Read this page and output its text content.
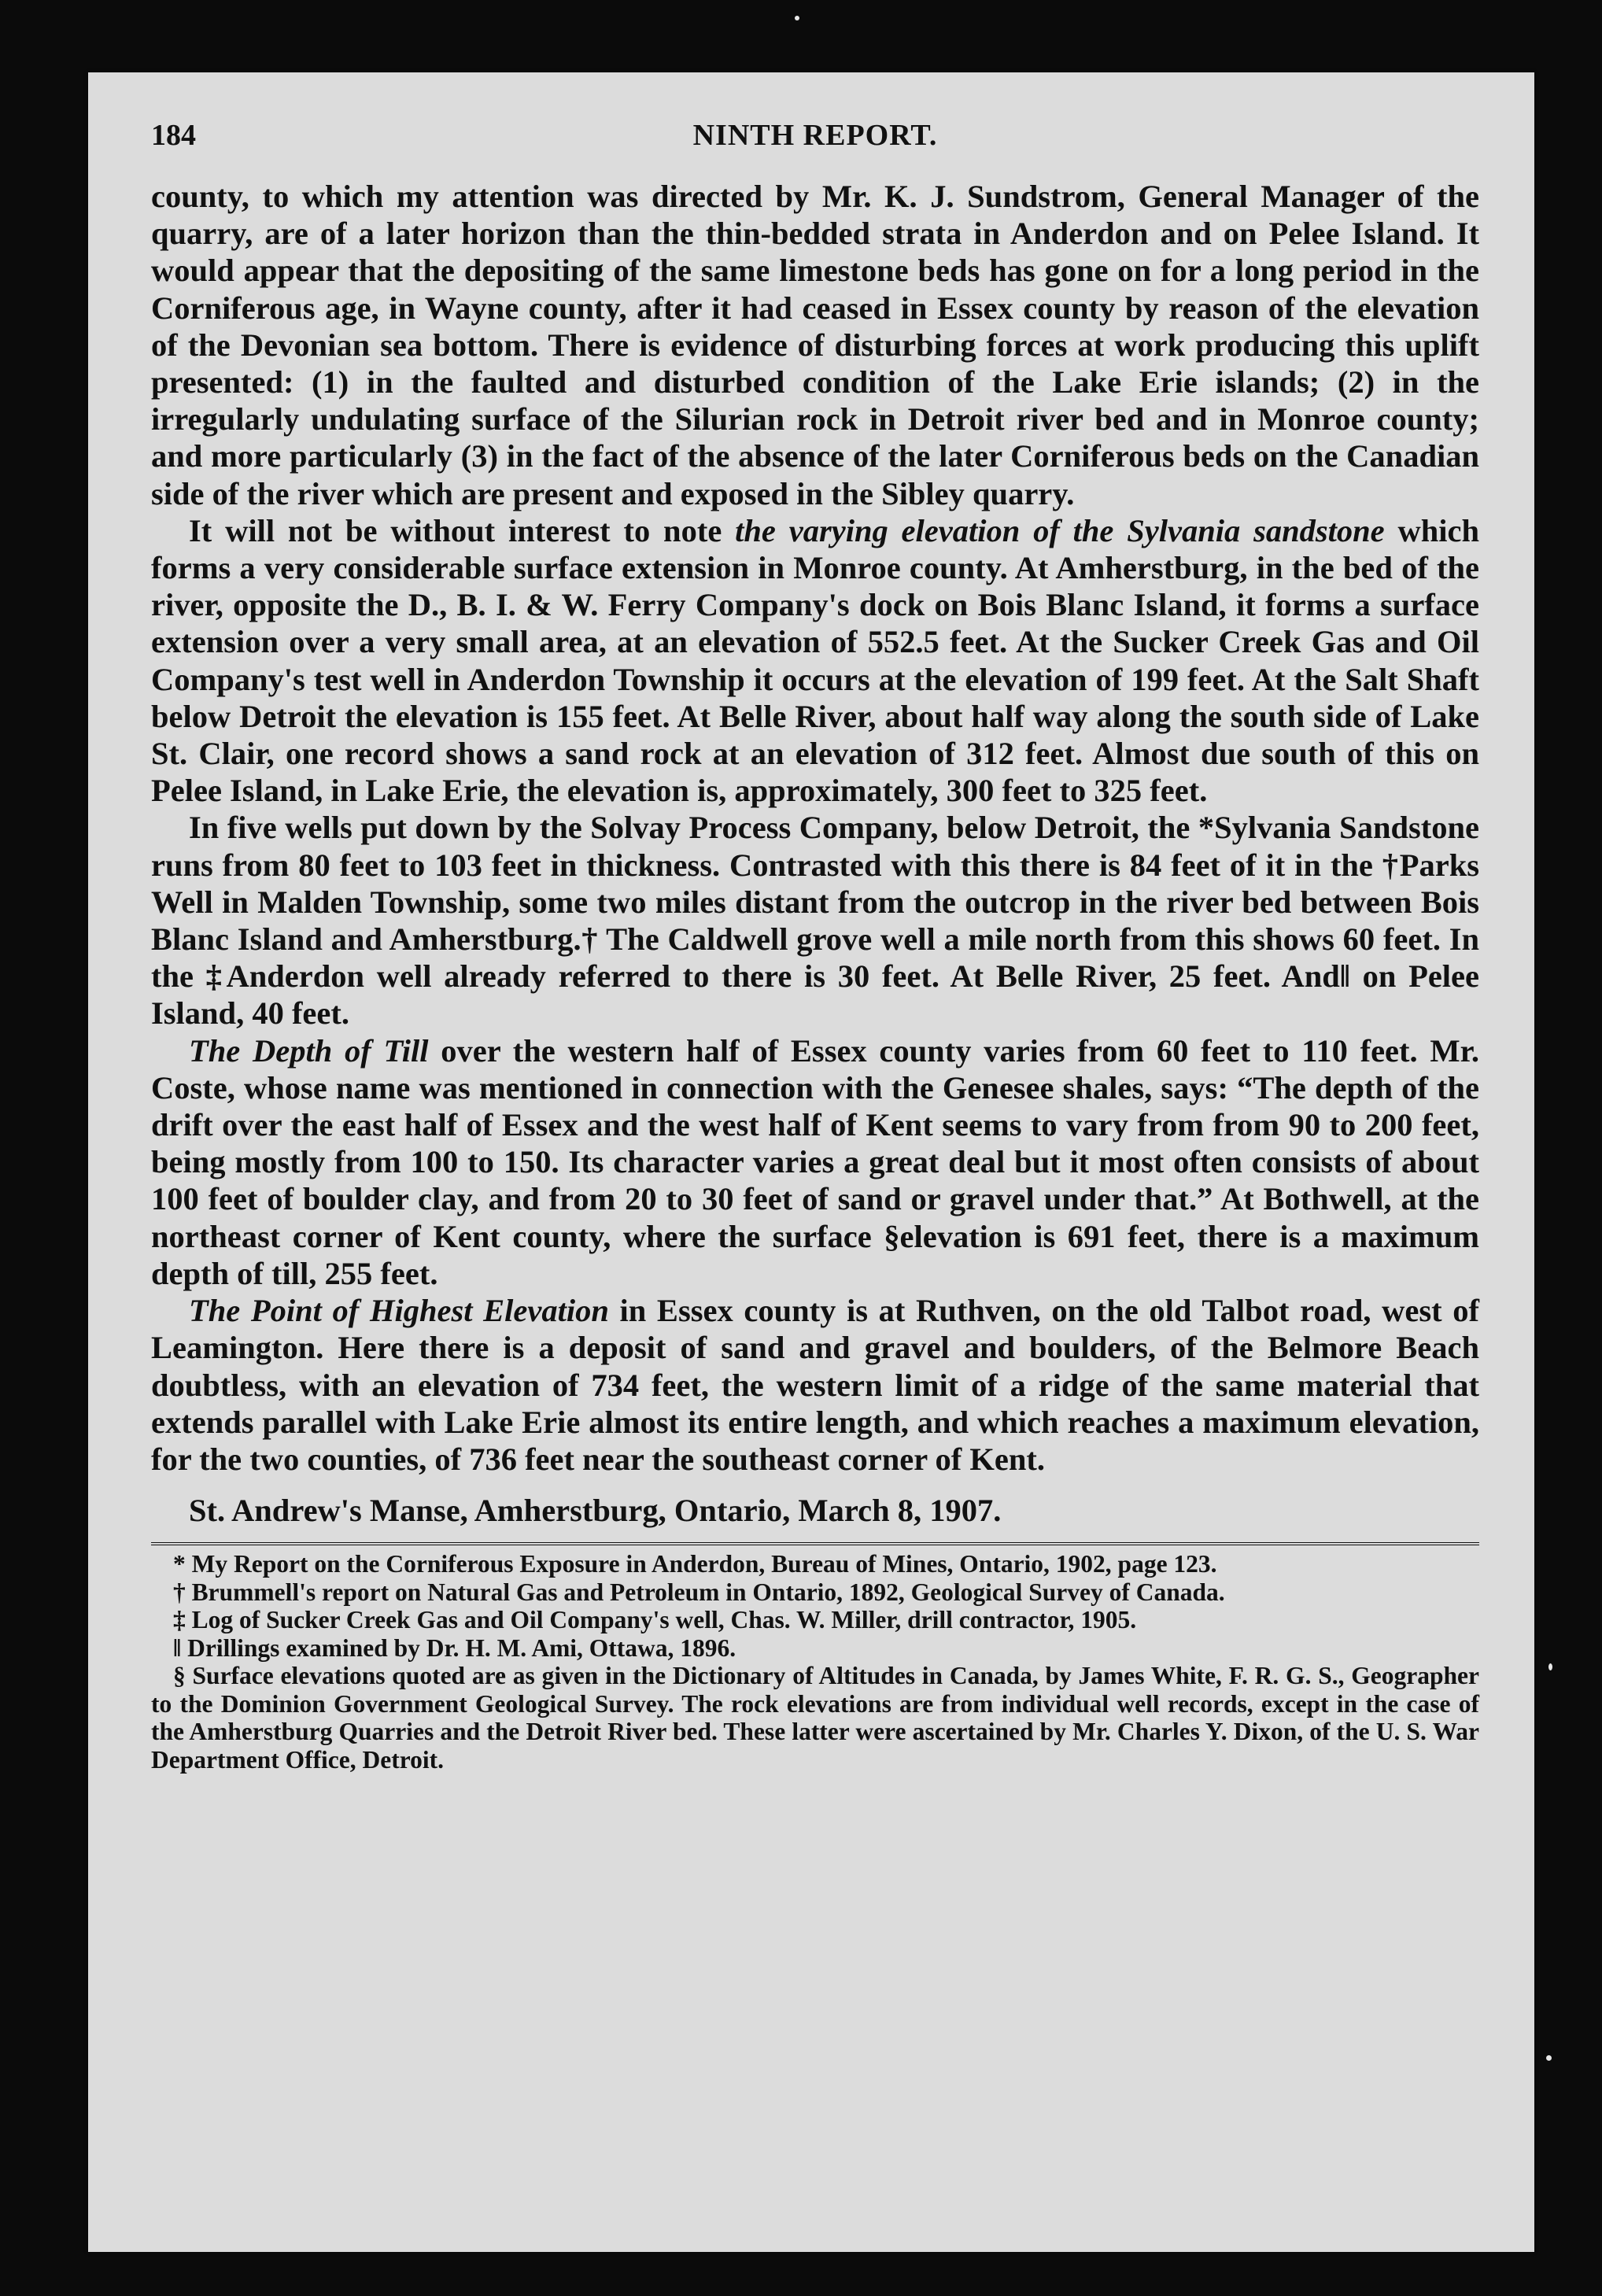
184	NINTH REPORT.

county, to which my attention was directed by Mr. K. J. Sundstrom, General Manager of the quarry, are of a later horizon than the thin-bedded strata in Anderdon and on Pelee Island. It would appear that the depositing of the same limestone beds has gone on for a long period in the Corniferous age, in Wayne county, after it had ceased in Essex county by reason of the elevation of the Devonian sea bottom. There is evidence of disturbing forces at work producing this uplift presented: (1) in the faulted and disturbed condition of the Lake Erie islands; (2) in the irregularly undulating surface of the Silurian rock in Detroit river bed and in Monroe county; and more particularly (3) in the fact of the absence of the later Corniferous beds on the Canadian side of the river which are present and exposed in the Sibley quarry.

It will not be without interest to note the varying elevation of the Sylvania sandstone which forms a very considerable surface extension in Monroe county. At Amherstburg, in the bed of the river, opposite the D., B. I. & W. Ferry Company's dock on Bois Blanc Island, it forms a surface extension over a very small area, at an elevation of 552.5 feet. At the Sucker Creek Gas and Oil Company's test well in Anderdon Township it occurs at the elevation of 199 feet. At the Salt Shaft below Detroit the elevation is 155 feet. At Belle River, about half way along the south side of Lake St. Clair, one record shows a sand rock at an elevation of 312 feet. Almost due south of this on Pelee Island, in Lake Erie, the elevation is, approximately, 300 feet to 325 feet.

In five wells put down by the Solvay Process Company, below Detroit, the *Sylvania Sandstone runs from 80 feet to 103 feet in thickness. Contrasted with this there is 84 feet of it in the †Parks Well in Malden Township, some two miles distant from the outcrop in the river bed between Bois Blanc Island and Amherstburg.† The Caldwell grove well a mile north from this shows 60 feet. In the ‡Anderdon well already referred to there is 30 feet. At Belle River, 25 feet. And‖ on Pelee Island, 40 feet.

The Depth of Till over the western half of Essex county varies from 60 feet to 110 feet. Mr. Coste, whose name was mentioned in connection with the Genesee shales, says: “The depth of the drift over the east half of Essex and the west half of Kent seems to vary from from 90 to 200 feet, being mostly from 100 to 150. Its character varies a great deal but it most often consists of about 100 feet of boulder clay, and from 20 to 30 feet of sand or gravel under that.” At Bothwell, at the northeast corner of Kent county, where the surface §elevation is 691 feet, there is a maximum depth of till, 255 feet.

The Point of Highest Elevation in Essex county is at Ruthven, on the old Talbot road, west of Leamington. Here there is a deposit of sand and gravel and boulders, of the Belmore Beach doubtless, with an elevation of 734 feet, the western limit of a ridge of the same material that extends parallel with Lake Erie almost its entire length, and which reaches a maximum elevation, for the two counties, of 736 feet near the southeast corner of Kent.

St. Andrew's Manse, Amherstburg, Ontario, March 8, 1907.

* My Report on the Corniferous Exposure in Anderdon, Bureau of Mines, Ontario, 1902, page 123.

† Brummell's report on Natural Gas and Petroleum in Ontario, 1892, Geological Survey of Canada.

‡ Log of Sucker Creek Gas and Oil Company's well, Chas. W. Miller, drill contractor, 1905.

‖ Drillings examined by Dr. H. M. Ami, Ottawa, 1896.

§ Surface elevations quoted are as given in the Dictionary of Altitudes in Canada, by James White, F. R. G. S., Geographer to the Dominion Government Geological Survey. The rock elevations are from individual well records, except in the case of the Amherstburg Quarries and the Detroit River bed. These latter were ascertained by Mr. Charles Y. Dixon, of the U. S. War Department Office, Detroit.
